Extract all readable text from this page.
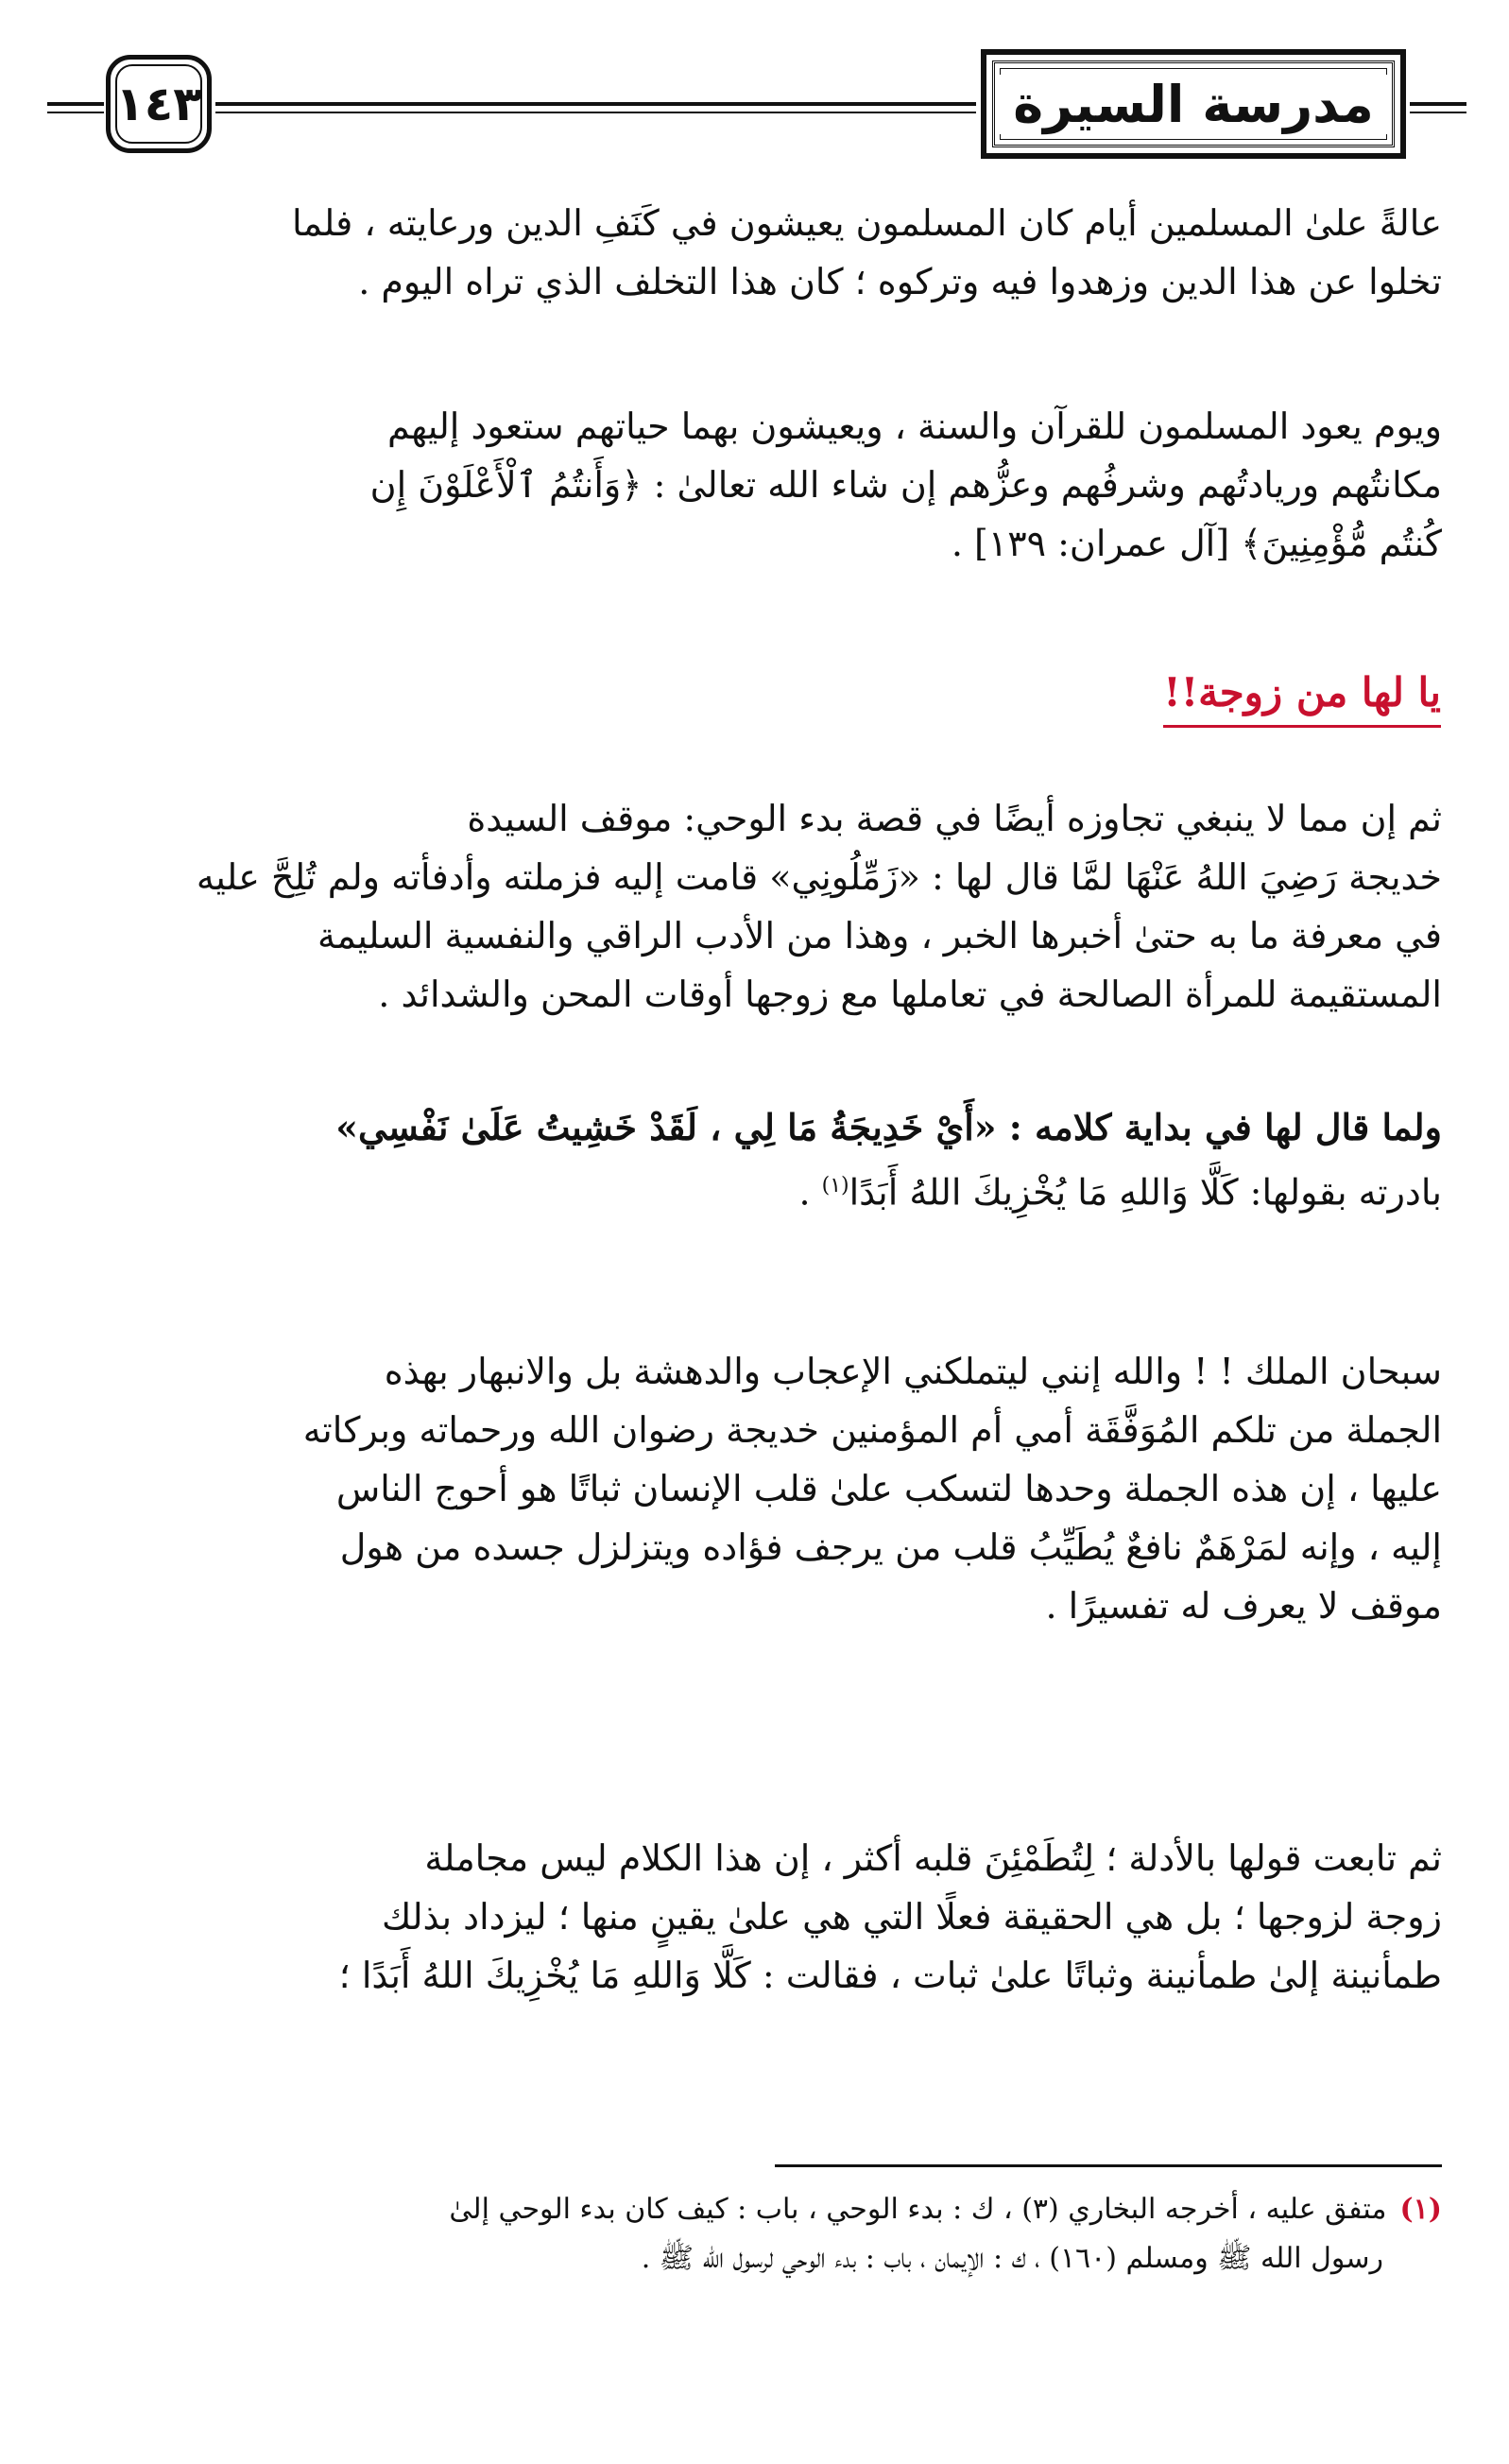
١٤٣	مدرسة السيرة
عالةً علىٰ المسلمين أيام كان المسلمون يعيشون في كَنَفِ الدين ورعايته ، فلما
تخلوا عن هذا الدين وزهدوا فيه وتركوه ؛ كان هذا التخلف الذي تراه اليوم .
ويوم يعود المسلمون للقرآن والسنة ، ويعيشون بهما حياتهم ستعود إليهم
مكانتُهم وريادتُهم وشرفُهم وعزُّهم إن شاء الله تعالىٰ : ﴿وَأَنتُمُ ٱلْأَعْلَوْنَ إِن
كُنتُم مُّؤْمِنِينَ﴾ [آل عمران: ١٣٩] .
يا لها من زوجة!!
ثم إن مما لا ينبغي تجاوزه أيضًا في قصة بدء الوحي: موقف السيدة
خديجة رَضِيَ اللهُ عَنْهَا لمَّا قال لها : «زَمِّلُونِي» قامت إليه فزملته وأدفأته ولم تُلِحَّ عليه
في معرفة ما به حتىٰ أخبرها الخبر ، وهذا من الأدب الراقي والنفسية السليمة
المستقيمة للمرأة الصالحة في تعاملها مع زوجها أوقات المحن والشدائد .
ولما قال لها في بداية كلامه : «أَيْ خَدِيجَةُ مَا لِي ، لَقَدْ خَشِيتُ عَلَىٰ نَفْسِي»
بادرته بقولها: كَلَّا وَاللهِ مَا يُخْزِيكَ اللهُ أَبَدًا$^{(١)}$ .
سبحان الملك ! ! والله إنني ليتملكني الإعجاب والدهشة بل والانبهار بهذه
الجملة من تلكم المُوَفَّقَة أمي أم المؤمنين خديجة رضوان الله ورحماته وبركاته
عليها ، إن هذه الجملة وحدها لتسكب علىٰ قلب الإنسان ثباتًا هو أحوج الناس
إليه ، وإنه لمَرْهَمٌ نافعٌ يُطَيِّبُ قلب من يرجف فؤاده ويتزلزل جسده من هول
موقف لا يعرف له تفسيرًا .
ثم تابعت قولها بالأدلة ؛ لِتُطَمْئِنَ قلبه أكثر ، إن هذا الكلام ليس مجاملة
زوجة لزوجها ؛ بل هي الحقيقة فعلًا التي هي علىٰ يقينٍ منها ؛ ليزداد بذلك
طمأنينة إلىٰ طمأنينة وثباتًا علىٰ ثبات ، فقالت : كَلَّا وَاللهِ مَا يُخْزِيكَ اللهُ أَبَدًا ؛
(١)متفق عليه ، أخرجه البخاري (٣) ، ك : بدء الوحي ، باب : كيف كان بدء الوحي إلىٰ
رسول الله ﷺ ومسلم (١٦٠) ، ك : الإيمان ، باب : بدء الوحي لرسول الله ﷺ .
